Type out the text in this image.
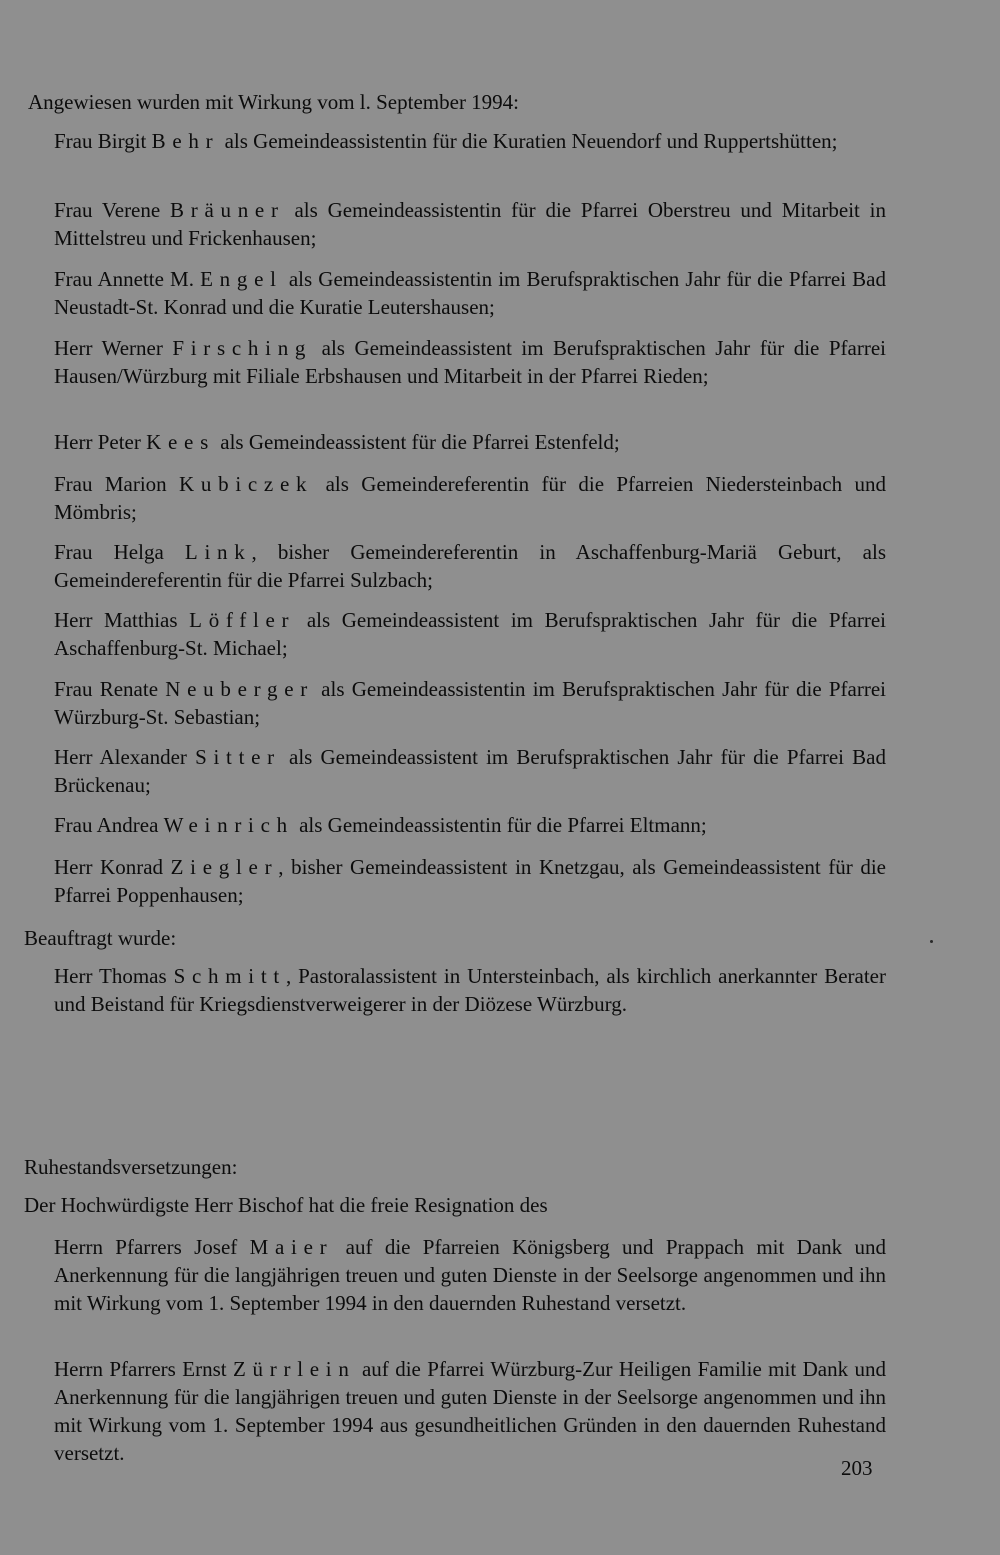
Angewiesen wurden mit Wirkung vom l. September 1994:

Frau Birgit Behr als Gemeindeassistentin für die Kuratien Neuendorf und Ruppertshütten;

Frau Verene Bräuner als Gemeindeassistentin für die Pfarrei Oberstreu und Mitarbeit in Mittelstreu und Frickenhausen;

Frau Annette M. Engel als Gemeindeassistentin im Berufspraktischen Jahr für die Pfarrei Bad Neustadt-St. Konrad und die Kuratie Leutershausen;

Herr Werner Firsching als Gemeindeassistent im Berufspraktischen Jahr für die Pfarrei Hausen/Würzburg mit Filiale Erbshausen und Mitarbeit in der Pfarrei Rieden;

Herr Peter Kees als Gemeindeassistent für die Pfarrei Estenfeld;

Frau Marion Kubiczek als Gemeindereferentin für die Pfarreien Niedersteinbach und Mömbris;

Frau Helga Link, bisher Gemeindereferentin in Aschaffenburg-Mariä Geburt, als Gemeindereferentin für die Pfarrei Sulzbach;

Herr Matthias Löffler als Gemeindeassistent im Berufspraktischen Jahr für die Pfarrei Aschaffenburg-St. Michael;

Frau Renate Neuberger als Gemeindeassistentin im Berufspraktischen Jahr für die Pfarrei Würzburg-St. Sebastian;

Herr Alexander Sitter als Gemeindeassistent im Berufspraktischen Jahr für die Pfarrei Bad Brückenau;

Frau Andrea Weinrich als Gemeindeassistentin für die Pfarrei Eltmann;

Herr Konrad Ziegler, bisher Gemeindeassistent in Knetzgau, als Gemeindeassistent für die Pfarrei Poppenhausen;

Beauftragt wurde:

Herr Thomas Schmitt, Pastoralassistent in Untersteinbach, als kirchlich anerkannter Berater und Beistand für Kriegsdienstverweigerer in der Diözese Würzburg.

Ruhestandsversetzungen:
Der Hochwürdigste Herr Bischof hat die freie Resignation des

Herrn Pfarrers Josef Maier auf die Pfarreien Königsberg und Prappach mit Dank und Anerkennung für die langjährigen treuen und guten Dienste in der Seelsorge angenommen und ihn mit Wirkung vom 1. September 1994 in den dauernden Ruhestand versetzt.

Herrn Pfarrers Ernst Zürrlein auf die Pfarrei Würzburg-Zur Heiligen Familie mit Dank und Anerkennung für die langjährigen treuen und guten Dienste in der Seelsorge angenommen und ihn mit Wirkung vom 1. September 1994 aus gesundheitlichen Gründen in den dauernden Ruhestand versetzt.

203
